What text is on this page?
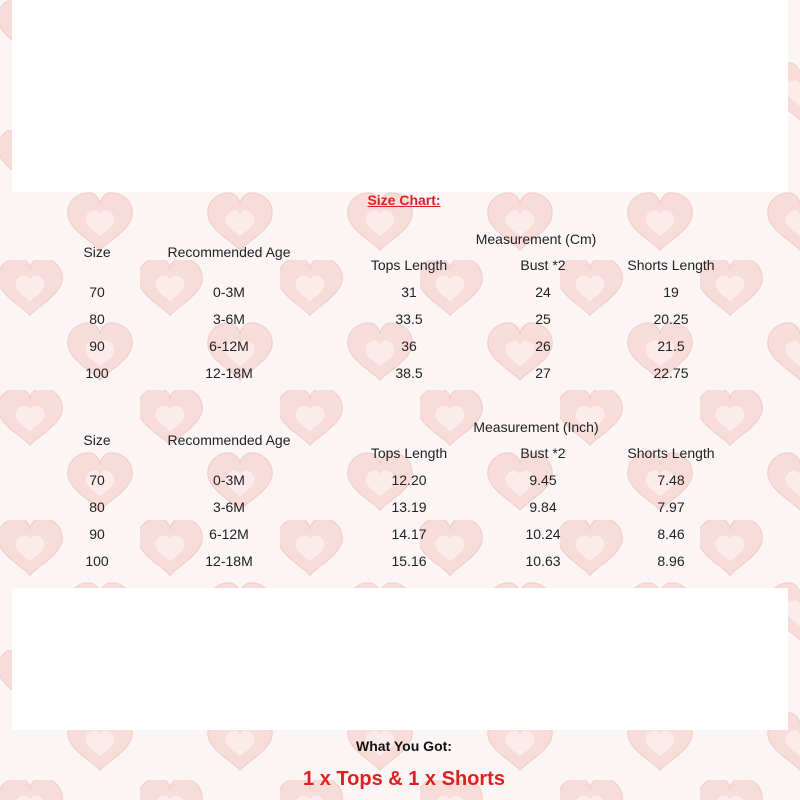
Size Chart:
Size	Recommended Age
Measurement (Cm)
Tops Length	Bust *2	Shorts Length
70	0-3M	31	24	19
80	3-6M	33.5	25	20.25
90	6-12M	36	26	21.5
100	12-18M	38.5	27	22.75
Size	Recommended Age
Measurement (Inch)
Tops Length	Bust *2	Shorts Length
70	0-3M	12.20	9.45	7.48
80	3-6M	13.19	9.84	7.97
90	6-12M	14.17	10.24	8.46
100	12-18M	15.16	10.63	8.96
What You Got:
1 x Tops & 1 x Shorts
